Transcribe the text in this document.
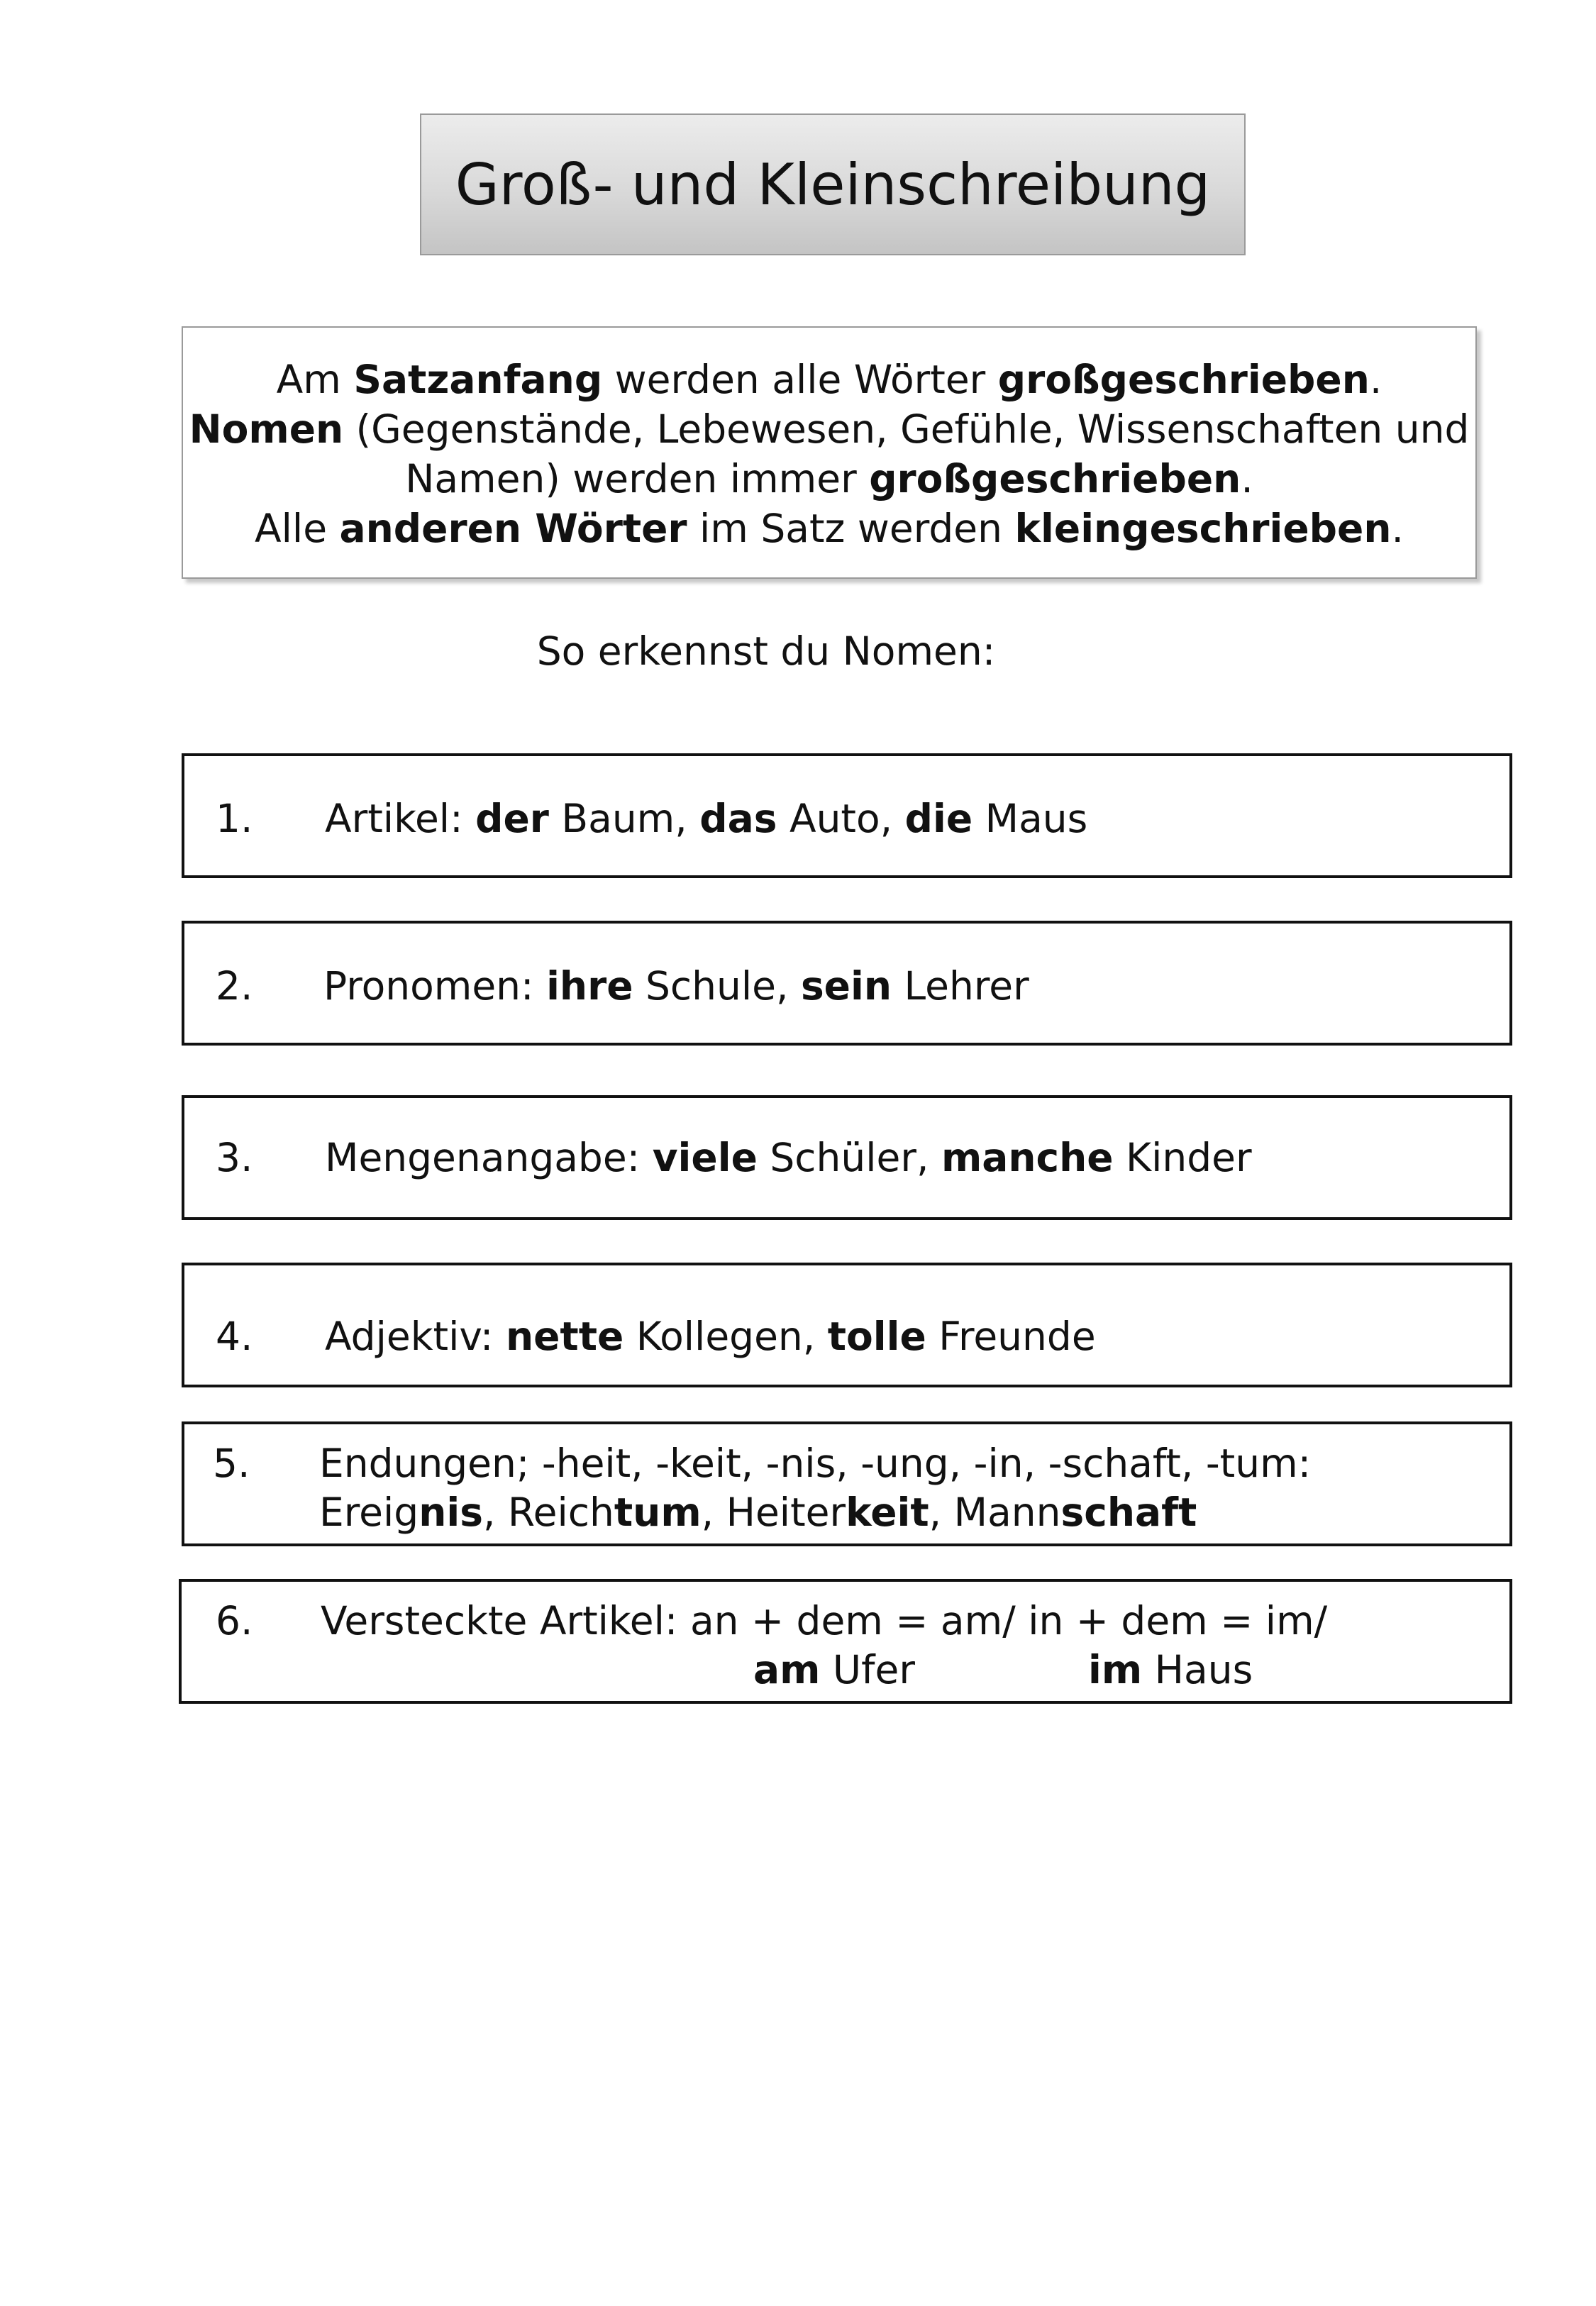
Groß- und Kleinschreibung
Am Satzanfang werden alle Wörter großgeschrieben.
Nomen (Gegenstände, Lebewesen, Gefühle, Wissenschaften und
Namen) werden immer großgeschrieben.
Alle anderen Wörter im Satz werden kleingeschrieben.
So erkennst du Nomen:
1. Artikel: der Baum, das Auto, die Maus
2. Pronomen: ihre Schule, sein Lehrer
3. Mengenangabe: viele Schüler, manche Kinder
4. Adjektiv: nette Kollegen, tolle Freunde
5. Endungen; -heit, -keit, -nis, -ung, -in, -schaft, -tum:
Ereignis, Reichtum, Heiterkeit, Mannschaft
6. Versteckte Artikel: an + dem = am/ in + dem = im/
am Ufer	im Haus
